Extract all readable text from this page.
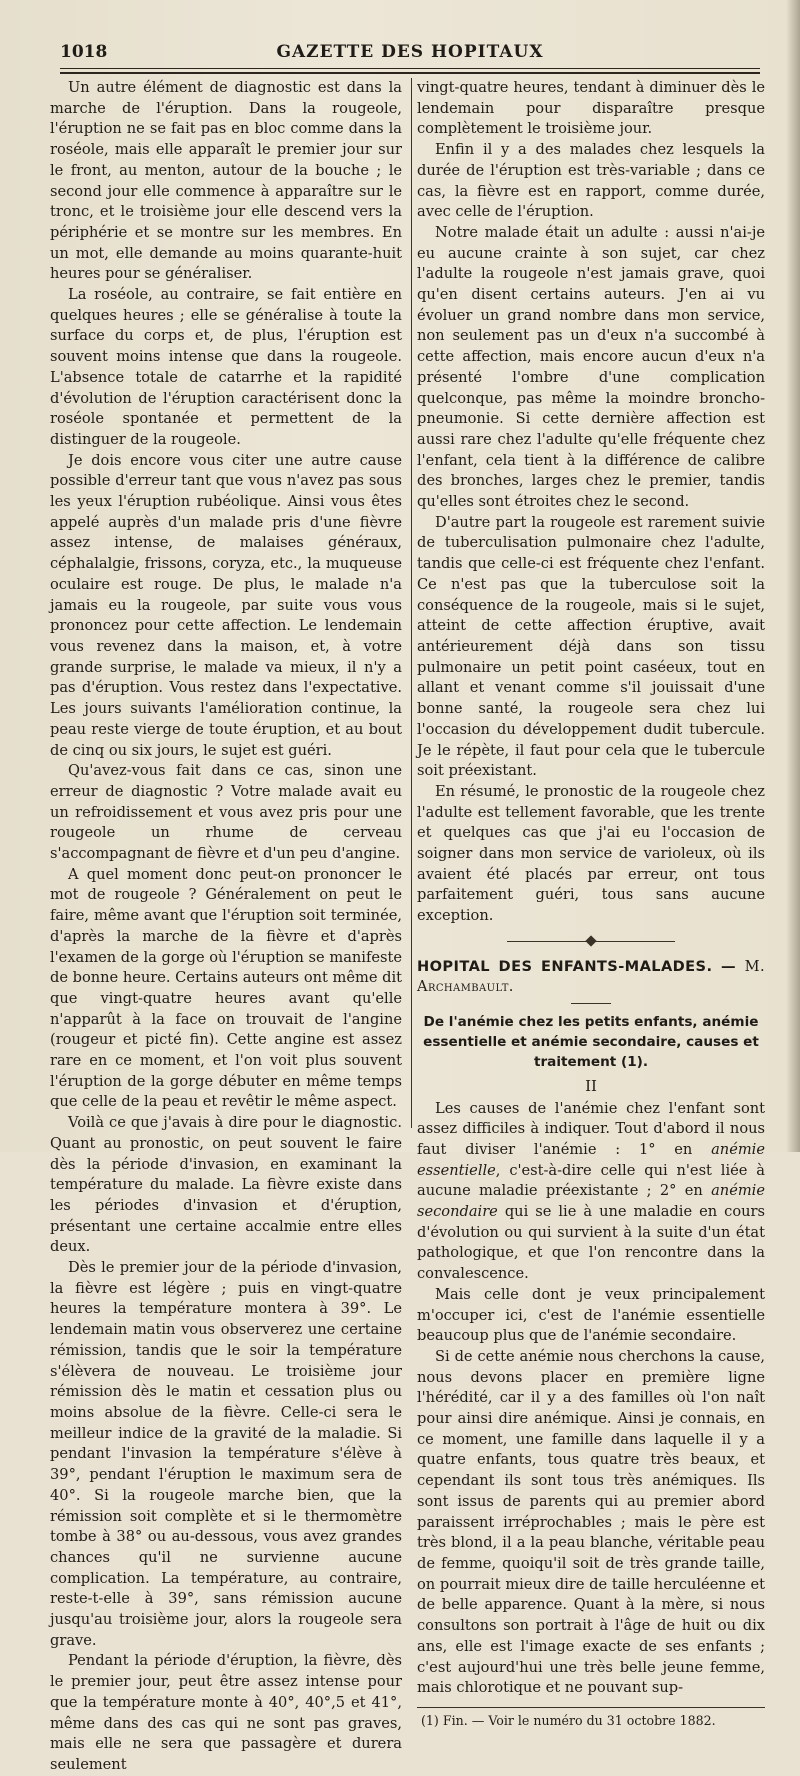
1018	GAZETTE DES HOPITAUX

Un autre élément de diagnostic est dans la marche de l'éruption. Dans la rougeole, l'éruption ne se fait pas en bloc comme dans la roséole, mais elle apparaît le premier jour sur le front, au menton, autour de la bouche ; le second jour elle commence à apparaître sur le tronc, et le troisième jour elle descend vers la périphérie et se montre sur les membres. En un mot, elle demande au moins quarante-huit heures pour se généraliser.

La roséole, au contraire, se fait entière en quelques heures ; elle se généralise à toute la surface du corps et, de plus, l'éruption est souvent moins intense que dans la rougeole. L'absence totale de catarrhe et la rapidité d'évolution de l'éruption caractérisent donc la roséole spontanée et permettent de la distinguer de la rougeole.

Je dois encore vous citer une autre cause possible d'erreur tant que vous n'avez pas sous les yeux l'éruption rubéolique. Ainsi vous êtes appelé auprès d'un malade pris d'une fièvre assez intense, de malaises généraux, céphalalgie, frissons, coryza, etc., la muqueuse oculaire est rouge. De plus, le malade n'a jamais eu la rougeole, par suite vous vous prononcez pour cette affection. Le lendemain vous revenez dans la maison, et, à votre grande surprise, le malade va mieux, il n'y a pas d'éruption. Vous restez dans l'expectative. Les jours suivants l'amélioration continue, la peau reste vierge de toute éruption, et au bout de cinq ou six jours, le sujet est guéri.

Qu'avez-vous fait dans ce cas, sinon une erreur de diagnostic ? Votre malade avait eu un refroidissement et vous avez pris pour une rougeole un rhume de cerveau s'accompagnant de fièvre et d'un peu d'angine.

A quel moment donc peut-on prononcer le mot de rougeole ? Généralement on peut le faire, même avant que l'éruption soit terminée, d'après la marche de la fièvre et d'après l'examen de la gorge où l'éruption se manifeste de bonne heure. Certains auteurs ont même dit que vingt-quatre heures avant qu'elle n'apparût à la face on trouvait de l'angine (rougeur et picté fin). Cette angine est assez rare en ce moment, et l'on voit plus souvent l'éruption de la gorge débuter en même temps que celle de la peau et revêtir le même aspect.

Voilà ce que j'avais à dire pour le diagnostic. Quant au pronostic, on peut souvent le faire dès la période d'invasion, en examinant la température du malade. La fièvre existe dans les périodes d'invasion et d'éruption, présentant une certaine accalmie entre elles deux.

Dès le premier jour de la période d'invasion, la fièvre est légère ; puis en vingt-quatre heures la température montera à 39°. Le lendemain matin vous observerez une certaine rémission, tandis que le soir la température s'élèvera de nouveau. Le troisième jour rémission dès le matin et cessation plus ou moins absolue de la fièvre. Celle-ci sera le meilleur indice de la gravité de la maladie. Si pendant l'invasion la température s'élève à 39°, pendant l'éruption le maximum sera de 40°. Si la rougeole marche bien, que la rémission soit complète et si le thermomètre tombe à 38° ou au-dessous, vous avez grandes chances qu'il ne survienne aucune complication. La température, au contraire, reste-t-elle à 39°, sans rémission aucune jusqu'au troisième jour, alors la rougeole sera grave.

Pendant la période d'éruption, la fièvre, dès le premier jour, peut être assez intense pour que la température monte à 40°, 40°,5 et 41°, même dans des cas qui ne sont pas graves, mais elle ne sera que passagère et durera seulement

vingt-quatre heures, tendant à diminuer dès le lendemain pour disparaître presque complètement le troisième jour.

Enfin il y a des malades chez lesquels la durée de l'éruption est très-variable ; dans ce cas, la fièvre est en rapport, comme durée, avec celle de l'éruption.

Notre malade était un adulte : aussi n'ai-je eu aucune crainte à son sujet, car chez l'adulte la rougeole n'est jamais grave, quoi qu'en disent certains auteurs. J'en ai vu évoluer un grand nombre dans mon service, non seulement pas un d'eux n'a succombé à cette affection, mais encore aucun d'eux n'a présenté l'ombre d'une complication quelconque, pas même la moindre broncho-pneumonie. Si cette dernière affection est aussi rare chez l'adulte qu'elle fréquente chez l'enfant, cela tient à la différence de calibre des bronches, larges chez le premier, tandis qu'elles sont étroites chez le second.

D'autre part la rougeole est rarement suivie de tuberculisation pulmonaire chez l'adulte, tandis que celle-ci est fréquente chez l'enfant. Ce n'est pas que la tuberculose soit la conséquence de la rougeole, mais si le sujet, atteint de cette affection éruptive, avait antérieurement déjà dans son tissu pulmonaire un petit point caséeux, tout en allant et venant comme s'il jouissait d'une bonne santé, la rougeole sera chez lui l'occasion du développement dudit tubercule. Je le répète, il faut pour cela que le tubercule soit préexistant.

En résumé, le pronostic de la rougeole chez l'adulte est tellement favorable, que les trente et quelques cas que j'ai eu l'occasion de soigner dans mon service de varioleux, où ils avaient été placés par erreur, ont tous parfaitement guéri, tous sans aucune exception.

HOPITAL DES ENFANTS-MALADES. — M. Archambault.
De l'anémie chez les petits enfants, anémie essentielle et anémie secondaire, causes et traitement (1).
II

Les causes de l'anémie chez l'enfant sont assez difficiles à indiquer. Tout d'abord il nous faut diviser l'anémie : 1° en anémie essentielle, c'est-à-dire celle qui n'est liée à aucune maladie préexistante ; 2° en anémie secondaire qui se lie à une maladie en cours d'évolution ou qui survient à la suite d'un état pathologique, et que l'on rencontre dans la convalescence.

Mais celle dont je veux principalement m'occuper ici, c'est de l'anémie essentielle beaucoup plus que de l'anémie secondaire.

Si de cette anémie nous cherchons la cause, nous devons placer en première ligne l'hérédité, car il y a des familles où l'on naît pour ainsi dire anémique. Ainsi je connais, en ce moment, une famille dans laquelle il y a quatre enfants, tous quatre très beaux, et cependant ils sont tous très anémiques. Ils sont issus de parents qui au premier abord paraissent irréprochables ; mais le père est très blond, il a la peau blanche, véritable peau de femme, quoiqu'il soit de très grande taille, on pourrait mieux dire de taille herculéenne et de belle apparence. Quant à la mère, si nous consultons son portrait à l'âge de huit ou dix ans, elle est l'image exacte de ses enfants ; c'est aujourd'hui une très belle jeune femme, mais chlorotique et ne pouvant sup-

(1) Fin. — Voir le numéro du 31 octobre 1882.
